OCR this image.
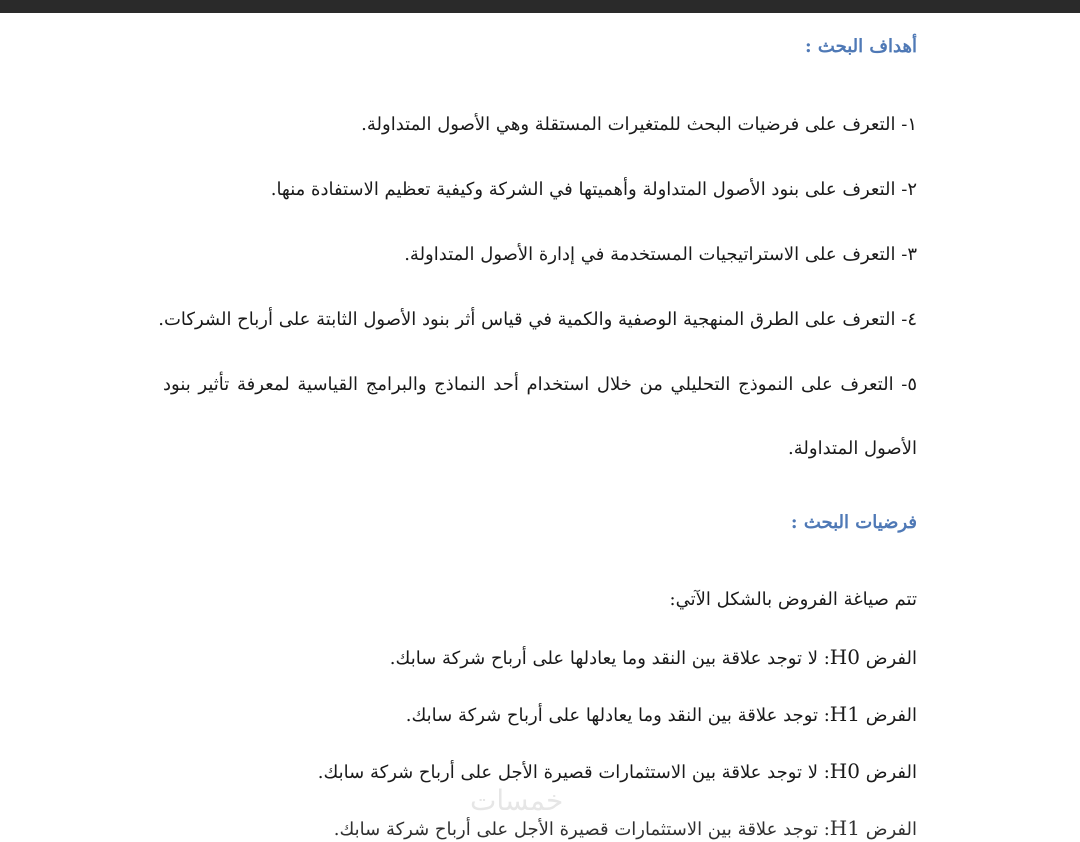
أهداف البحث :
١- التعرف على فرضيات البحث للمتغيرات المستقلة وهي الأصول المتداولة.
٢- التعرف على بنود الأصول المتداولة وأهميتها في الشركة وكيفية تعظيم الاستفادة منها.
٣- التعرف على الاستراتيجيات المستخدمة في إدارة الأصول المتداولة.
٤- التعرف على الطرق المنهجية الوصفية والكمية في قياس أثر بنود الأصول الثابتة على أرباح الشركات.
٥- التعرف على النموذج التحليلي من خلال استخدام أحد النماذج والبرامج القياسية لمعرفة تأثير بنود
الأصول المتداولة.
فرضيات البحث :
تتم صياغة الفروض بالشكل الآتي:
الفرض H0: لا توجد علاقة بين النقد وما يعادلها على أرباح شركة سابك.
الفرض H1: توجد علاقة بين النقد وما يعادلها على أرباح شركة سابك.
الفرض H0: لا توجد علاقة بين الاستثمارات قصيرة الأجل على أرباح شركة سابك.
الفرض H1: توجد علاقة بين الاستثمارات قصيرة الأجل على أرباح شركة سابك.
خمسات
